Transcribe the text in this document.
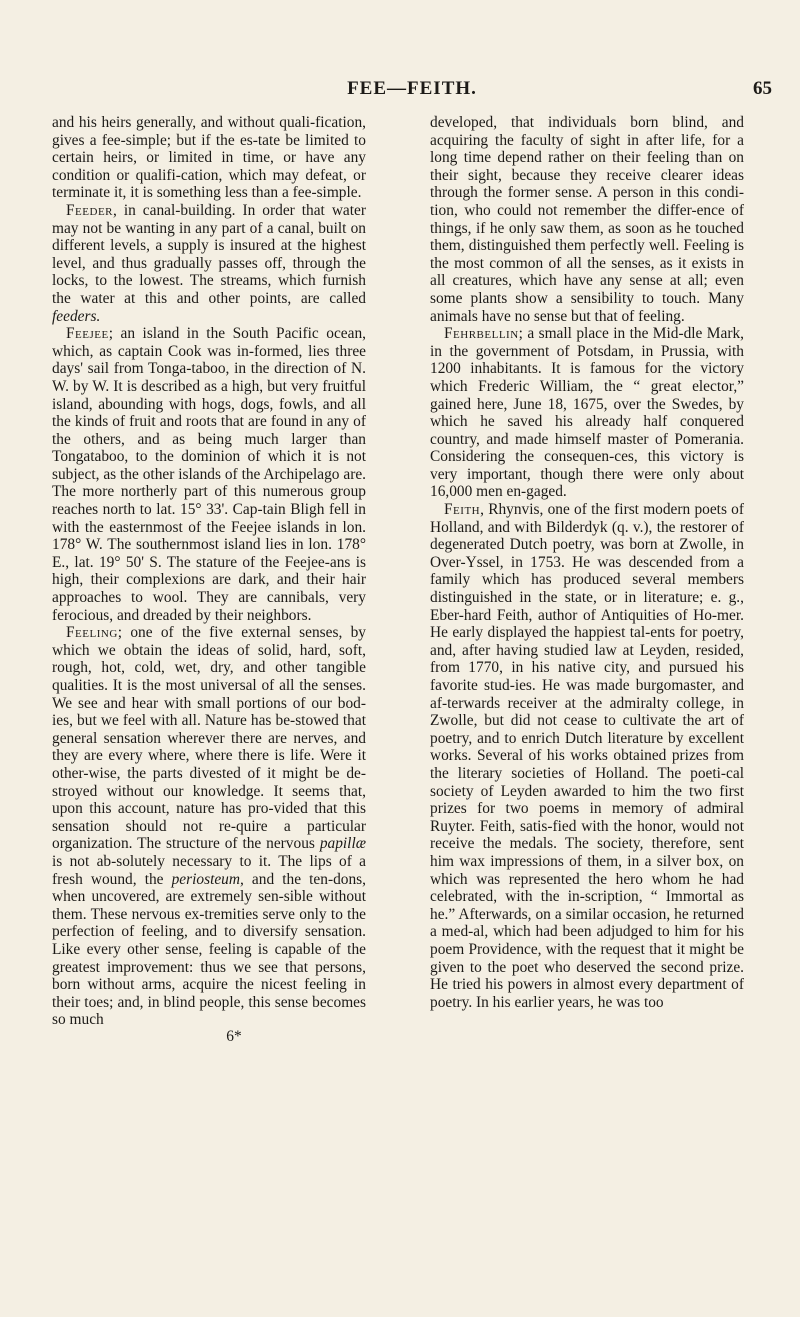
FEE—FEITH.	65

and his heirs generally, and without quali-fication, gives a fee-simple; but if the es-tate be limited to certain heirs, or limited in time, or have any condition or qualifi-cation, which may defeat, or terminate it, it is something less than a fee-simple.

Feeder, in canal-building. In order that water may not be wanting in any part of a canal, built on different levels, a supply is insured at the highest level, and thus gradually passes off, through the locks, to the lowest. The streams, which furnish the water at this and other points, are called feeders.

Feejee; an island in the South Pacific ocean, which, as captain Cook was in-formed, lies three days' sail from Tonga-taboo, in the direction of N. W. by W. It is described as a high, but very fruitful island, abounding with hogs, dogs, fowls, and all the kinds of fruit and roots that are found in any of the others, and as being much larger than Tongataboo, to the dominion of which it is not subject, as the other islands of the Archipelago are. The more northerly part of this numerous group reaches north to lat. 15° 33'. Cap-tain Bligh fell in with the easternmost of the Feejee islands in lon. 178° W. The southernmost island lies in lon. 178° E., lat. 19° 50' S. The stature of the Feejee-ans is high, their complexions are dark, and their hair approaches to wool. They are cannibals, very ferocious, and dreaded by their neighbors.

Feeling; one of the five external senses, by which we obtain the ideas of solid, hard, soft, rough, hot, cold, wet, dry, and other tangible qualities. It is the most universal of all the senses. We see and hear with small portions of our bod-ies, but we feel with all. Nature has be-stowed that general sensation wherever there are nerves, and they are every where, where there is life. Were it other-wise, the parts divested of it might be de-stroyed without our knowledge. It seems that, upon this account, nature has pro-vided that this sensation should not re-quire a particular organization. The structure of the nervous papillæ is not ab-solutely necessary to it. The lips of a fresh wound, the periosteum, and the ten-dons, when uncovered, are extremely sen-sible without them. These nervous ex-tremities serve only to the perfection of feeling, and to diversify sensation. Like every other sense, feeling is capable of the greatest improvement: thus we see that persons, born without arms, acquire the nicest feeling in their toes; and, in blind people, this sense becomes so much

6*

developed, that individuals born blind, and acquiring the faculty of sight in after life, for a long time depend rather on their feeling than on their sight, because they receive clearer ideas through the former sense. A person in this condi-tion, who could not remember the differ-ence of things, if he only saw them, as soon as he touched them, distinguished them perfectly well. Feeling is the most common of all the senses, as it exists in all creatures, which have any sense at all; even some plants show a sensibility to touch. Many animals have no sense but that of feeling.

Fehrbellin; a small place in the Mid-dle Mark, in the government of Potsdam, in Prussia, with 1200 inhabitants. It is famous for the victory which Frederic William, the “ great elector,” gained here, June 18, 1675, over the Swedes, by which he saved his already half conquered country, and made himself master of Pomerania. Considering the consequen-ces, this victory is very important, though there were only about 16,000 men en-gaged.

Feith, Rhynvis, one of the first modern poets of Holland, and with Bilderdyk (q. v.), the restorer of degenerated Dutch poetry, was born at Zwolle, in Over-Yssel, in 1753. He was descended from a family which has produced several members distinguished in the state, or in literature; e. g., Eber-hard Feith, author of Antiquities of Ho-mer. He early displayed the happiest tal-ents for poetry, and, after having studied law at Leyden, resided, from 1770, in his native city, and pursued his favorite stud-ies. He was made burgomaster, and af-terwards receiver at the admiralty college, in Zwolle, but did not cease to cultivate the art of poetry, and to enrich Dutch literature by excellent works. Several of his works obtained prizes from the literary societies of Holland. The poeti-cal society of Leyden awarded to him the two first prizes for two poems in memory of admiral Ruyter. Feith, satis-fied with the honor, would not receive the medals. The society, therefore, sent him wax impressions of them, in a silver box, on which was represented the hero whom he had celebrated, with the in-scription, “ Immortal as he.” Afterwards, on a similar occasion, he returned a med-al, which had been adjudged to him for his poem Providence, with the request that it might be given to the poet who deserved the second prize. He tried his powers in almost every department of poetry. In his earlier years, he was too
